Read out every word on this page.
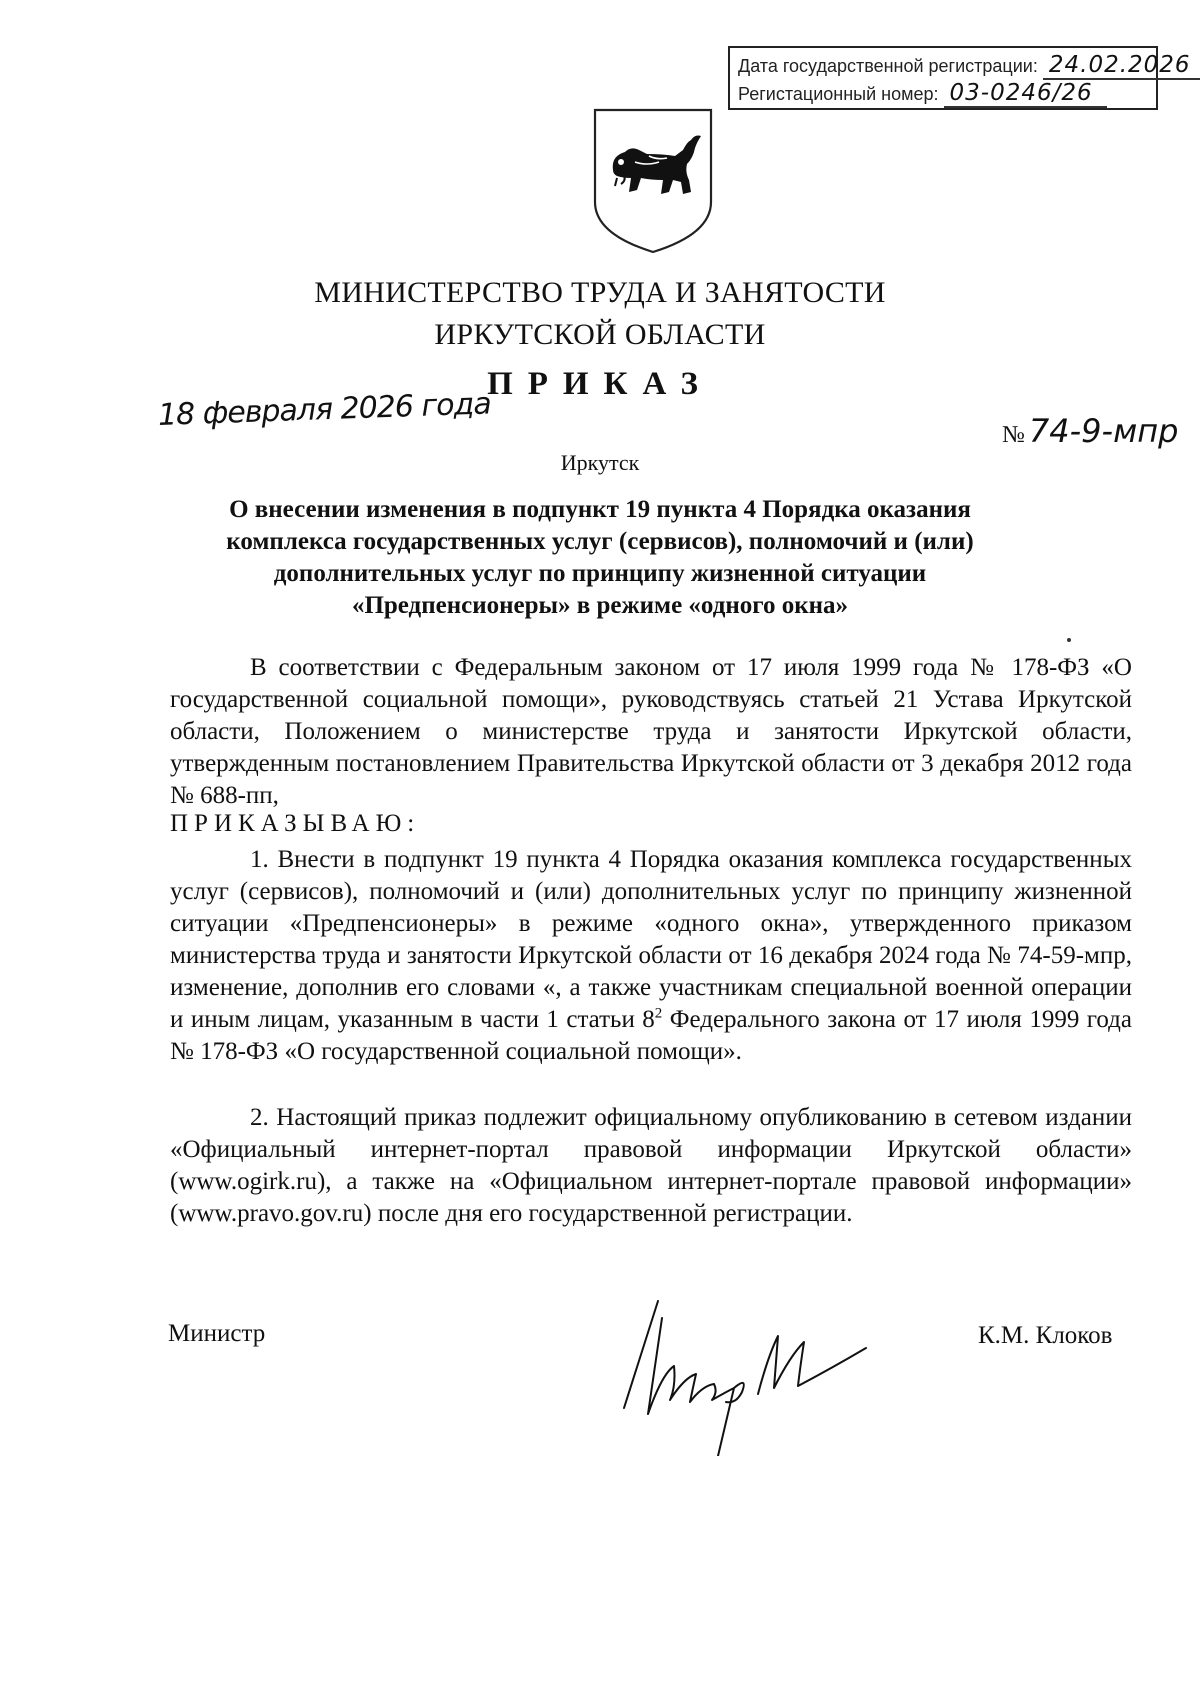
Дата государственной регистрации: 24.02.2026
Регистационный номер: 03-0246/26
МИНИСТЕРСТВО ТРУДА И ЗАНЯТОСТИ
ИРКУТСКОЙ ОБЛАСТИ
ПРИКАЗ
18 февраля 2026 года
№ 74-9-мпр
Иркутск
О внесении изменения в подпункт 19 пункта 4 Порядка оказания
комплекса государственных услуг (сервисов), полномочий и (или)
дополнительных услуг по принципу жизненной ситуации
«Предпенсионеры» в режиме «одного окна»
В соответствии с Федеральным законом от 17 июля 1999 года № 178-ФЗ «О государственной социальной помощи», руководствуясь статьей 21 Устава Иркутской области, Положением о министерстве труда и занятости Иркутской области, утвержденным постановлением Правительства Иркутской области от 3 декабря 2012 года № 688-пп,
ПРИКАЗЫВАЮ:
1. Внести в подпункт 19 пункта 4 Порядка оказания комплекса государственных услуг (сервисов), полномочий и (или) дополнительных услуг по принципу жизненной ситуации «Предпенсионеры» в режиме «одного окна», утвержденного приказом министерства труда и занятости Иркутской области от 16 декабря 2024 года № 74-59-мпр, изменение, дополнив его словами «, а также участникам специальной военной операции и иным лицам, указанным в части 1 статьи $8^2$ Федерального закона от 17 июля 1999 года № 178-ФЗ «О государственной социальной помощи».
2. Настоящий приказ подлежит официальному опубликованию в сетевом издании «Официальный интернет-портал правовой информации Иркутской области» (www.ogirk.ru), а также на «Официальном интернет-портале правовой информации» (www.pravo.gov.ru) после дня его государственной регистрации.
Министр	К.М. Клоков
